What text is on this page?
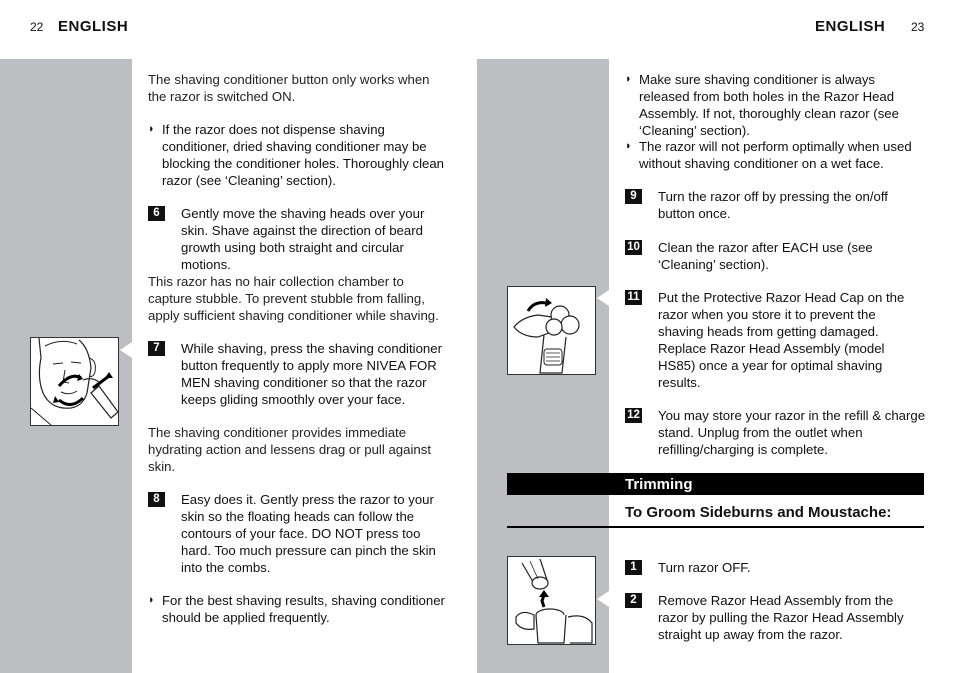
22 ENGLISH	ENGLISH 23
The shaving conditioner button only works when the razor is switched ON.
◗ If the razor does not dispense shaving conditioner, dried shaving conditioner may be blocking the conditioner holes. Thoroughly clean razor (see ‘Cleaning’ section).
6	Gently move the shaving heads over your skin. Shave against the direction of beard growth using both straight and circular motions.
This razor has no hair collection chamber to capture stubble. To prevent stubble from falling, apply sufficient shaving conditioner while shaving.
7	While shaving, press the shaving conditioner button frequently to apply more NIVEA FOR MEN shaving conditioner so that the razor keeps gliding smoothly over your face.
The shaving conditioner provides immediate hydrating action and lessens drag or pull against skin.
8	Easy does it. Gently press the razor to your skin so the floating heads can follow the contours of your face. DO NOT press too hard. Too much pressure can pinch the skin into the combs.
◗ For the best shaving results, shaving conditioner should be applied frequently.
◗ Make sure shaving conditioner is always released from both holes in the Razor Head Assembly. If not, thoroughly clean razor (see ‘Cleaning’ section).
◗ The razor will not perform optimally when used without shaving conditioner on a wet face.
9	Turn the razor off by pressing the on/off button once.
10 Clean the razor after EACH use (see ‘Cleaning’ section).
11 Put the Protective Razor Head Cap on the razor when you store it to prevent the shaving heads from getting damaged. Replace Razor Head Assembly (model HS85) once a year for optimal shaving results.
12 You may store your razor in the refill & charge stand. Unplug from the outlet when refilling/charging is complete.
Trimming
To Groom Sideburns and Moustache:
1	Turn razor OFF.
2	Remove Razor Head Assembly from the razor by pulling the Razor Head Assembly straight up away from the razor.
